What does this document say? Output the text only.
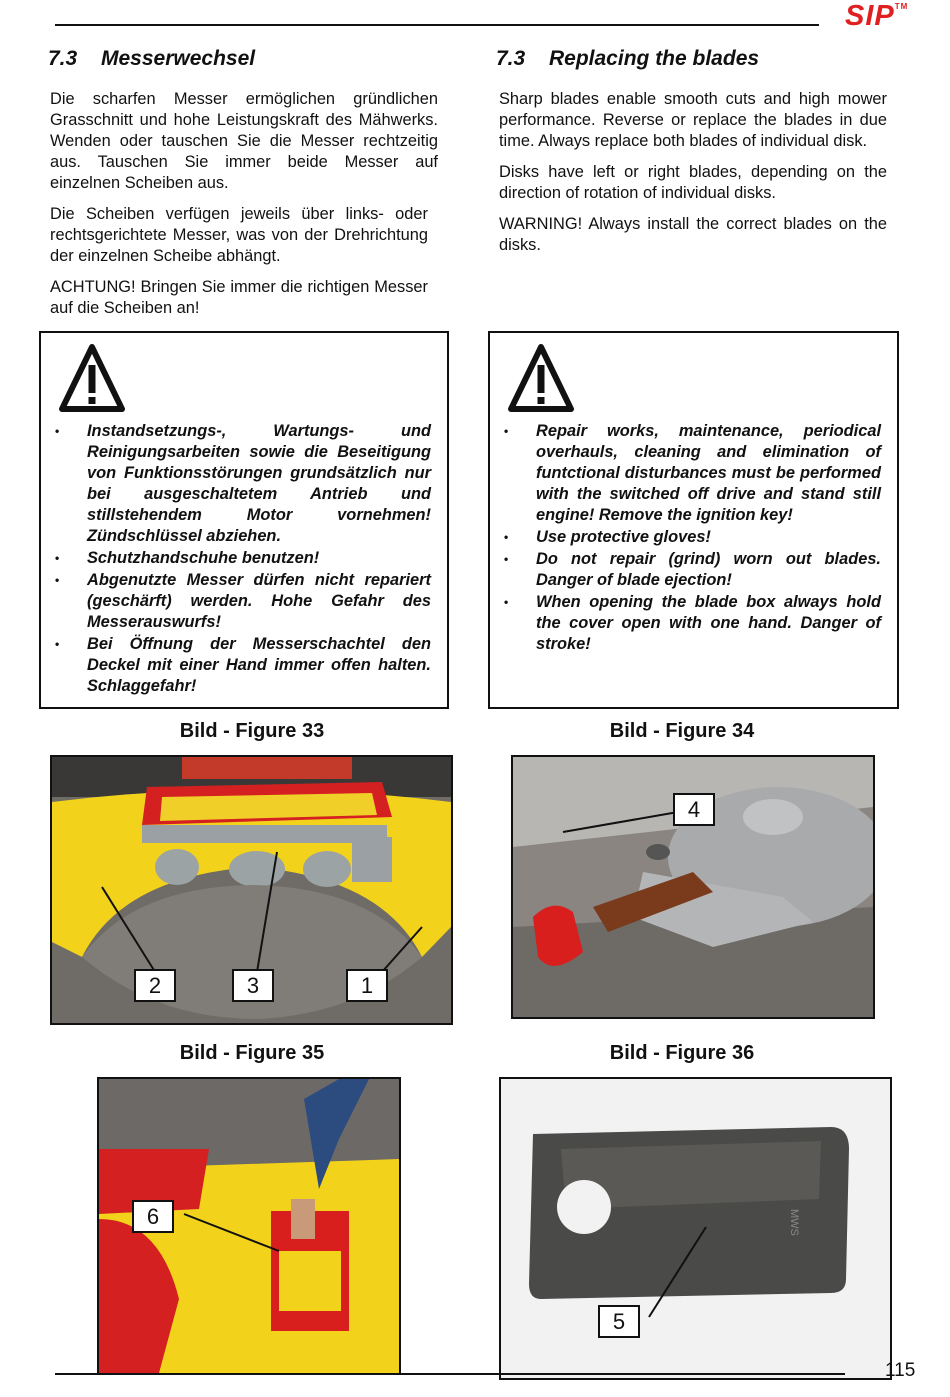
SIP™
7.3 Messerwechsel

Die scharfen Messer ermöglichen gründlichen Grasschnitt und hohe Leistungskraft des Mähwerks. Wenden oder tauschen Sie die Messer rechtzeitig aus. Tauschen Sie immer beide Messer auf einzelnen Scheiben aus.

Die Scheiben verfügen jeweils über links- oder rechtsgerichtete Messer, was von der Drehrichtung der einzelnen Scheibe abhängt.

ACHTUNG! Bringen Sie immer die richtigen Messer auf die Scheiben an!

7.3 Replacing the blades

Sharp blades enable smooth cuts and high mower performance. Reverse or replace the blades in due time. Always replace both blades of individual disk.

Disks have left or right blades, depending on the direction of rotation of individual disks.

WARNING! Always install the correct blades on the disks.

• Instandsetzungs-, Wartungs- und Reinigungsarbeiten sowie die Beseitigung von Funktionsstörungen grundsätzlich nur bei ausgeschaltetem Antrieb und stillstehendem Motor vornehmen! Zündschlüssel abziehen.
• Schutzhandschuhe benutzen!
• Abgenutzte Messer dürfen nicht repariert (geschärft) werden. Hohe Gefahr des Messerauswurfs!
• Bei Öffnung der Messerschachtel den Deckel mit einer Hand immer offen halten. Schlaggefahr!
• Repair works, maintenance, periodical overhauls, cleaning and elimination of funtctional disturbances must be performed with the switched off drive and stand still engine! Remove the ignition key!
• Use protective gloves!
• Do not repair (grind) worn out blades. Danger of blade ejection!
• When opening the blade box always hold the cover open with one hand. Danger of stroke!
Bild - Figure 33
2	3	1
Bild - Figure 34
4
Bild - Figure 35
6
Bild - Figure 36
MWS
5
115
